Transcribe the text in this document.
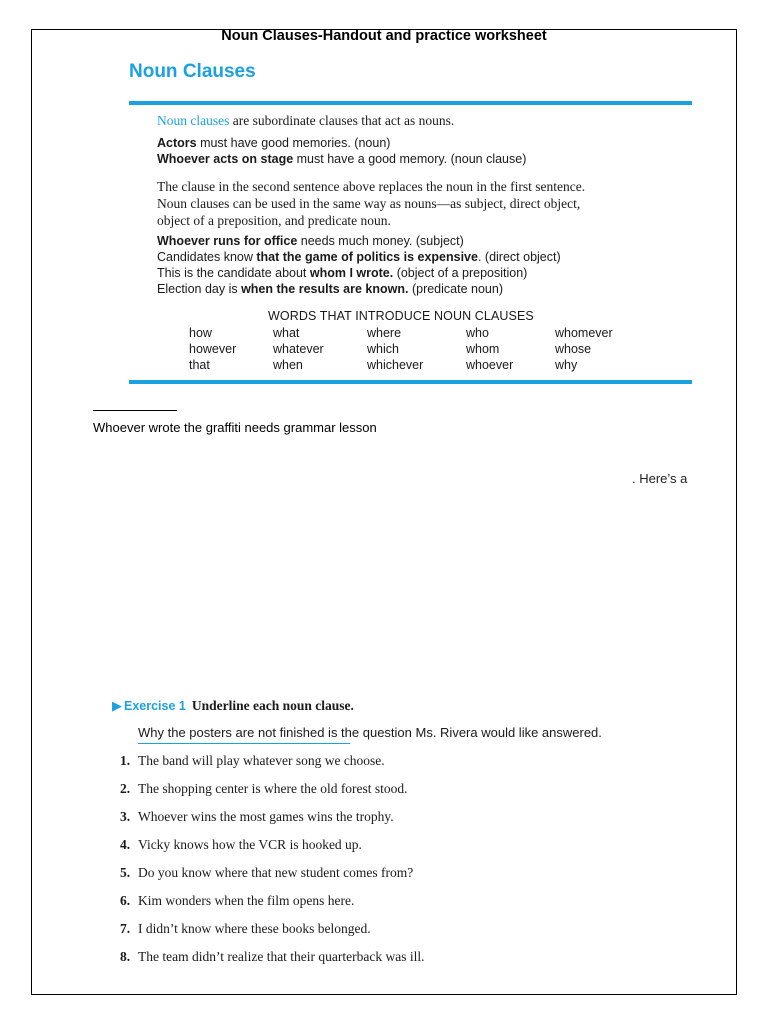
Noun Clauses-Handout and practice worksheet
Noun Clauses
Noun clauses are subordinate clauses that act as nouns.
Actors must have good memories. (noun)
Whoever acts on stage must have a good memory. (noun clause)
The clause in the second sentence above replaces the noun in the first sentence.
Noun clauses can be used in the same way as nouns—as subject, direct object,
object of a preposition, and predicate noun.
Whoever runs for office needs much money. (subject)
Candidates know that the game of politics is expensive. (direct object)
This is the candidate about whom I wrote. (object of a preposition)
Election day is when the results are known. (predicate noun)
WORDS THAT INTRODUCE NOUN CLAUSES
how	what	where	who	whomever
however	whatever	which	whom	whose
that	when	whichever	whoever	why
Whoever wrote the graffiti needs grammar lesson
. Here’s a
▶ Exercise 1 Underline each noun clause.
Why the posters are not finished is the question Ms. Rivera would like answered.
1. The band will play whatever song we choose.
2. The shopping center is where the old forest stood.
3. Whoever wins the most games wins the trophy.
4. Vicky knows how the VCR is hooked up.
5. Do you know where that new student comes from?
6. Kim wonders when the film opens here.
7. I didn’t know where these books belonged.
8. The team didn’t realize that their quarterback was ill.
